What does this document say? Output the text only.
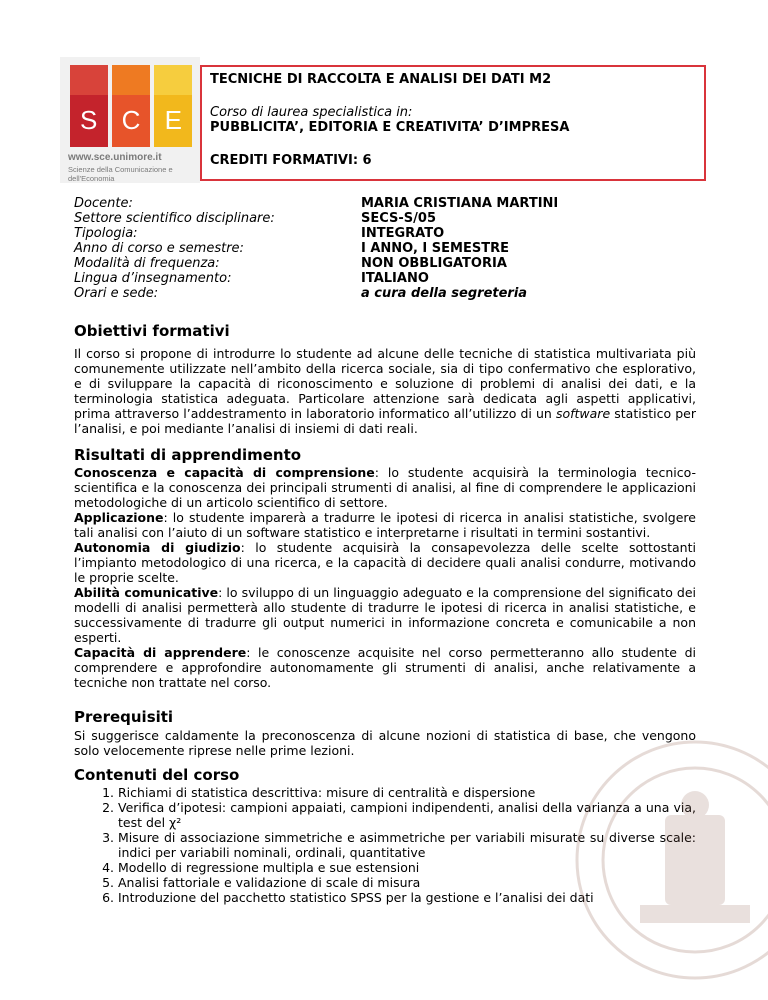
S C E
www.sce.unimore.it
Scienze della Comunicazione e dell'Economia

TECNICHE DI RACCOLTA E ANALISI DEI DATI M2

Corso di laurea specialistica in:

PUBBLICITA’, EDITORIA E CREATIVITA’ D’IMPRESA

CREDITI FORMATIVI: 6

Docente:
Settore scientifico disciplinare:
Tipologia:
Anno di corso e semestre:
Modalità di frequenza:
Lingua d’insegnamento:
Orari e sede:
MARIA CRISTIANA MARTINI
SECS-S/05
INTEGRATO
I ANNO, I SEMESTRE
NON OBBLIGATORIA
ITALIANO
a cura della segreteria
Obiettivi formativi

Il corso si propone di introdurre lo studente ad alcune delle tecniche di statistica multivariata più comunemente utilizzate nell’ambito della ricerca sociale, sia di tipo confermativo che esplorativo, e di sviluppare la capacità di riconoscimento e soluzione di problemi di analisi dei dati, e la terminologia statistica adeguata. Particolare attenzione sarà dedicata agli aspetti applicativi, prima attraverso l’addestramento in laboratorio informatico all’utilizzo di un software statistico per l’analisi, e poi mediante l’analisi di insiemi di dati reali.

Risultati di apprendimento
Conoscenza e capacità di comprensione: lo studente acquisirà la terminologia tecnico-scientifica e la conoscenza dei principali strumenti di analisi, al fine di comprendere le applicazioni metodologiche di un articolo scientifico di settore.
Applicazione: lo studente imparerà a tradurre le ipotesi di ricerca in analisi statistiche, svolgere tali analisi con l’aiuto di un software statistico e interpretarne i risultati in termini sostantivi.
Autonomia di giudizio: lo studente acquisirà la consapevolezza delle scelte sottostanti l’impianto metodologico di una ricerca, e la capacità di decidere quali analisi condurre, motivando le proprie scelte.
Abilità comunicative: lo sviluppo di un linguaggio adeguato e la comprensione del significato dei modelli di analisi permetterà allo studente di tradurre le ipotesi di ricerca in analisi statistiche, e successivamente di tradurre gli output numerici in informazione concreta e comunicabile a non esperti.
Capacità di apprendere: le conoscenze acquisite nel corso permetteranno allo studente di comprendere e approfondire autonomamente gli strumenti di analisi, anche relativamente a tecniche non trattate nel corso.
Prerequisiti

Si suggerisce caldamente la preconoscenza di alcune nozioni di statistica di base, che vengono solo velocemente riprese nelle prime lezioni.

Contenuti del corso
1. Richiami di statistica descrittiva: misure di centralità e dispersione
2. Verifica d’ipotesi: campioni appaiati, campioni indipendenti, analisi della varianza a una via, test del χ²
3. Misure di associazione simmetriche e asimmetriche per variabili misurate su diverse scale: indici per variabili nominali, ordinali, quantitative
4. Modello di regressione multipla e sue estensioni
5. Analisi fattoriale e validazione di scale di misura
6. Introduzione del pacchetto statistico SPSS per la gestione e l’analisi dei dati
